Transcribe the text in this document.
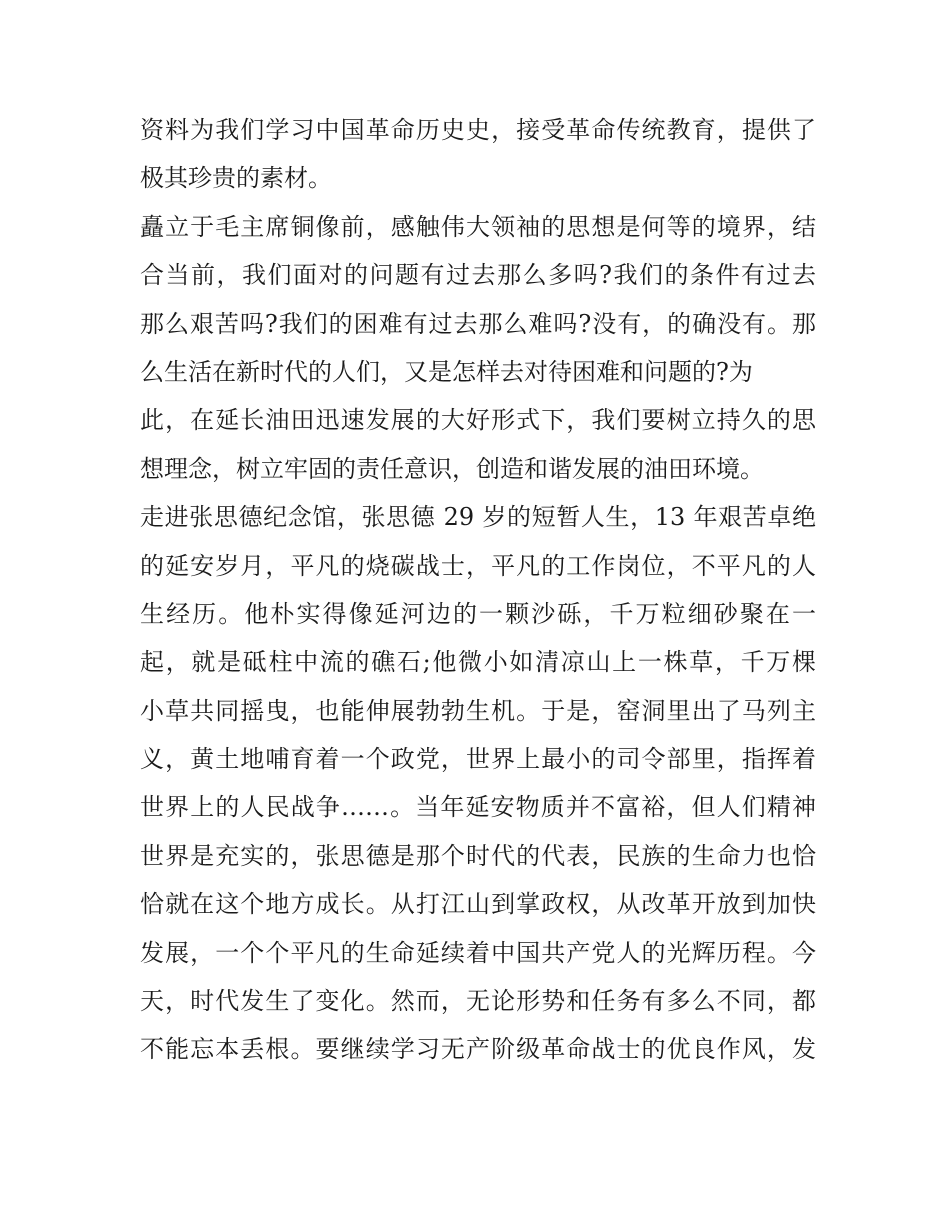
资料为我们学习中国革命历史史，接受革命传统教育，提供了
极其珍贵的素材。
矗立于毛主席铜像前，感触伟大领袖的思想是何等的境界，结
合当前，我们面对的问题有过去那么多吗?我们的条件有过去
那么艰苦吗?我们的困难有过去那么难吗?没有，的确没有。那
么生活在新时代的人们，又是怎样去对待困难和问题的?为
此，在延长油田迅速发展的大好形式下，我们要树立持久的思
想理念，树立牢固的责任意识，创造和谐发展的油田环境。
走进张思德纪念馆，张思德 29 岁的短暂人生，13 年艰苦卓绝
的延安岁月，平凡的烧碳战士，平凡的工作岗位，不平凡的人
生经历。他朴实得像延河边的一颗沙砾，千万粒细砂聚在一
起，就是砥柱中流的礁石;他微小如清凉山上一株草，千万棵
小草共同摇曳，也能伸展勃勃生机。于是，窑洞里出了马列主
义，黄土地哺育着一个政党，世界上最小的司令部里，指挥着
世界上的人民战争……。当年延安物质并不富裕，但人们精神
世界是充实的，张思德是那个时代的代表，民族的生命力也恰
恰就在这个地方成长。从打江山到掌政权，从改革开放到加快
发展，一个个平凡的生命延续着中国共产党人的光辉历程。今
天，时代发生了变化。然而，无论形势和任务有多么不同，都
不能忘本丢根。要继续学习无产阶级革命战士的优良作风，发
